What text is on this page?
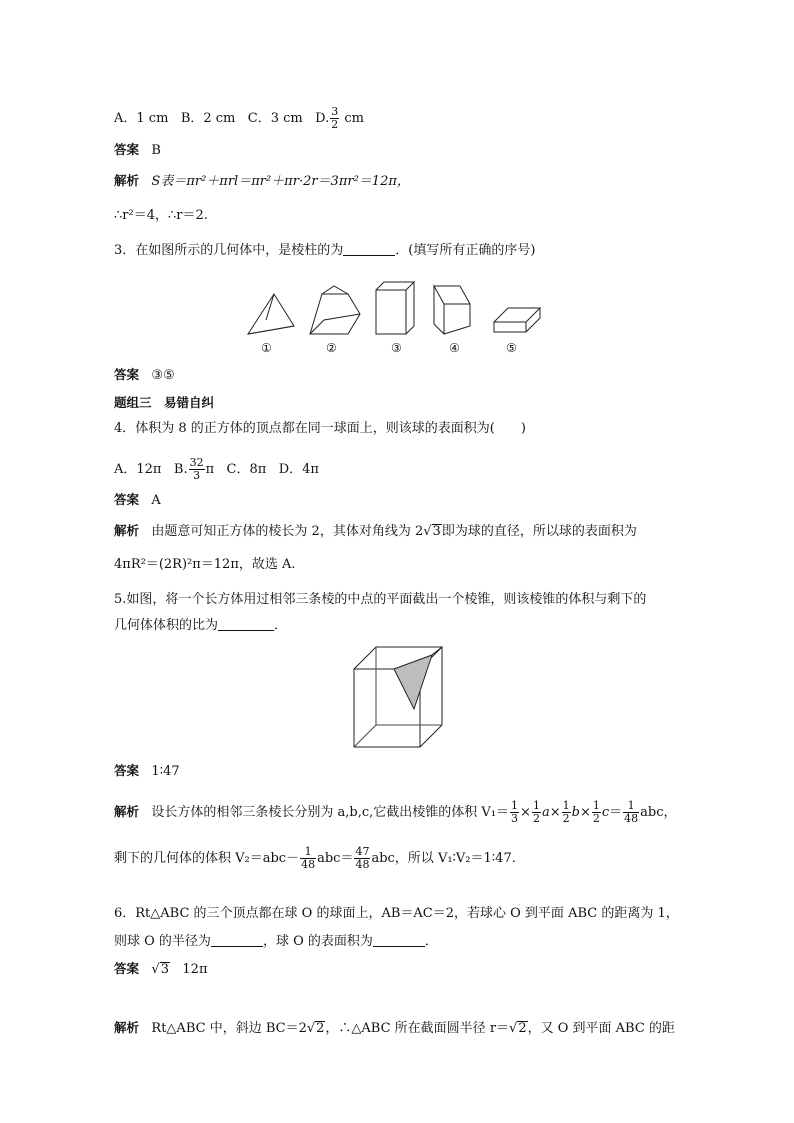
A．1 cm B．2 cm C．3 cm D. $\frac{3}{2}$ cm
答案 B
解析 S表＝πr²＋πrl＝πr²＋πr·2r＝3πr²＝12π，
∴r²＝4，∴r＝2.
3．在如图所示的几何体中，是棱柱的为	．(填写所有正确的序号)
①	②	③	④	⑤
答案 ③⑤
题组三　易错自纠
4．体积为 8 的正方体的顶点都在同一球面上，则该球的表面积为(　　)
A．12π B. $\frac{32}{3}$ π C．8π D．4π
答案 A
解析 由题意可知正方体的棱长为 2，其体对角线为 2√3即为球的直径，所以球的表面积为
4πR²＝(2R)²π＝12π，故选 A.
5.如图，将一个长方体用过相邻三条棱的中点的平面截出一个棱锥，则该棱锥的体积与剩下的
几何体体积的比为	．
答案 1∶47
解析 设长方体的相邻三条棱长分别为 a,b,c,它截出棱锥的体积 $V_1= \frac{1}{3} \times \frac{1}{2} a\times \frac{1}{2} b\times \frac{1}{2} c= \frac{1}{48}$ abc，
剩下的几何体的体积 $V_2=abc- \frac{1}{48} abc= \frac{47}{48}$ abc，所以 V₁∶V₂＝1∶47.
6．Rt△ABC 的三个顶点都在球 O 的球面上，AB＝AC＝2，若球心 O 到平面 ABC 的距离为 1，
则球 O 的半径为	，球 O 的表面积为	．
答案 √3 12π
解析 Rt△ABC 中，斜边 BC＝2√2，∴△ABC 所在截面圆半径 r＝√2，又 O 到平面 ABC 的距
